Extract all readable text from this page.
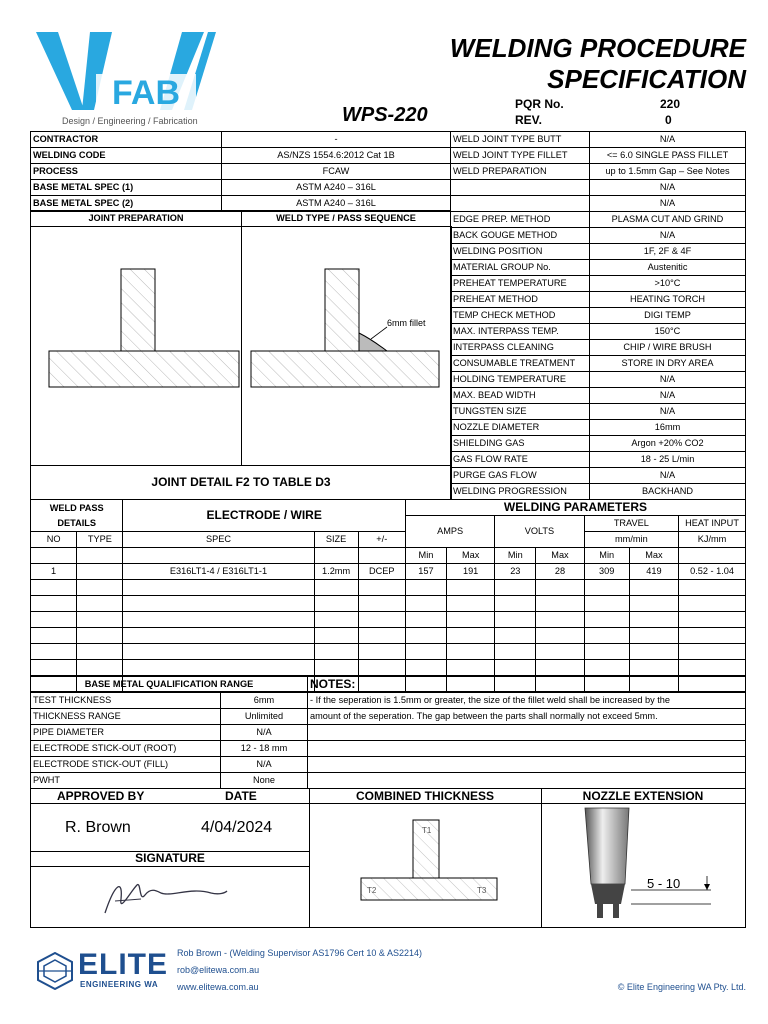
FAB
Design / Engineering / Fabrication
WELDING PROCEDURE
SPECIFICATION
WPS-220	PQR No.	220
REV.	0
CONTRACTOR	-
WELDING CODE	AS/NZS 1554.6:2012 Cat 1B
PROCESS	FCAW
BASE METAL SPEC (1)	ASTM A240 – 316L
BASE METAL SPEC (2)	ASTM A240 – 316L
JOINT PREPARATION	WELD TYPE / PASS SEQUENCE
6mm fillet
JOINT DETAIL F2 TO TABLE D3
WELD JOINT TYPE BUTT	N/A
WELD JOINT TYPE FILLET	<= 6.0 SINGLE PASS FILLET
WELD PREPARATION	up to 1.5mm Gap – See Notes
	N/A
	N/A
EDGE PREP. METHOD	PLASMA CUT AND GRIND
BACK GOUGE METHOD	N/A
WELDING POSITION	1F, 2F & 4F
MATERIAL GROUP No.	Austenitic
PREHEAT TEMPERATURE	>10°C
PREHEAT METHOD	HEATING TORCH
TEMP CHECK METHOD	DIGI TEMP
MAX. INTERPASS TEMP.	150°C
INTERPASS CLEANING	CHIP / WIRE BRUSH
CONSUMABLE TREATMENT	STORE IN DRY AREA
HOLDING TEMPERATURE	N/A
MAX. BEAD WIDTH	N/A
TUNGSTEN SIZE	N/A
NOZZLE DIAMETER	16mm
SHIELDING GAS	Argon +20% CO2
GAS FLOW RATE	18 - 25 L/min
PURGE GAS FLOW	N/A
WELDING PROGRESSION	BACKHAND
WELD PASS
DETAILS		ELECTRODE / WIRE			WELDING PARAMETERS						
					AMPS		VOLTS		TRAVEL		HEAT INPUT
NO	TYPE	SPEC	SIZE	+/-					mm/min		KJ/mm
					Min	Max	Min	Max	Min	Max	
1		E316LT1-4 / E316LT1-1	1.2mm	DCEP	157	191	23	28	309	419	0.52 - 1.04

BASE METAL QUALIFICATION RANGE		NOTES:
TEST THICKNESS	6mm	- If the seperation is 1.5mm or greater, the size of the fillet weld shall be increased by the
THICKNESS RANGE	Unlimited	amount of the seperation. The gap between the parts shall normally not exceed 5mm.
PIPE DIAMETER	N/A	
ELECTRODE STICK-OUT (ROOT)	12 - 18 mm	
ELECTRODE STICK-OUT (FILL)	N/A	
PWHT	None	
APPROVED BY	DATE	COMBINED THICKNESS	NOZZLE EXTENSION
R. Brown	4/04/2024
SIGNATURE
T1
T2	T3	5 - 10
ELITE
ENGINEERING WA
Rob Brown - (Welding Supervisor AS1796 Cert 10 & AS2214)
rob@elitewa.com.au
www.elitewa.com.au	© Elite Engineering WA Pty. Ltd.
